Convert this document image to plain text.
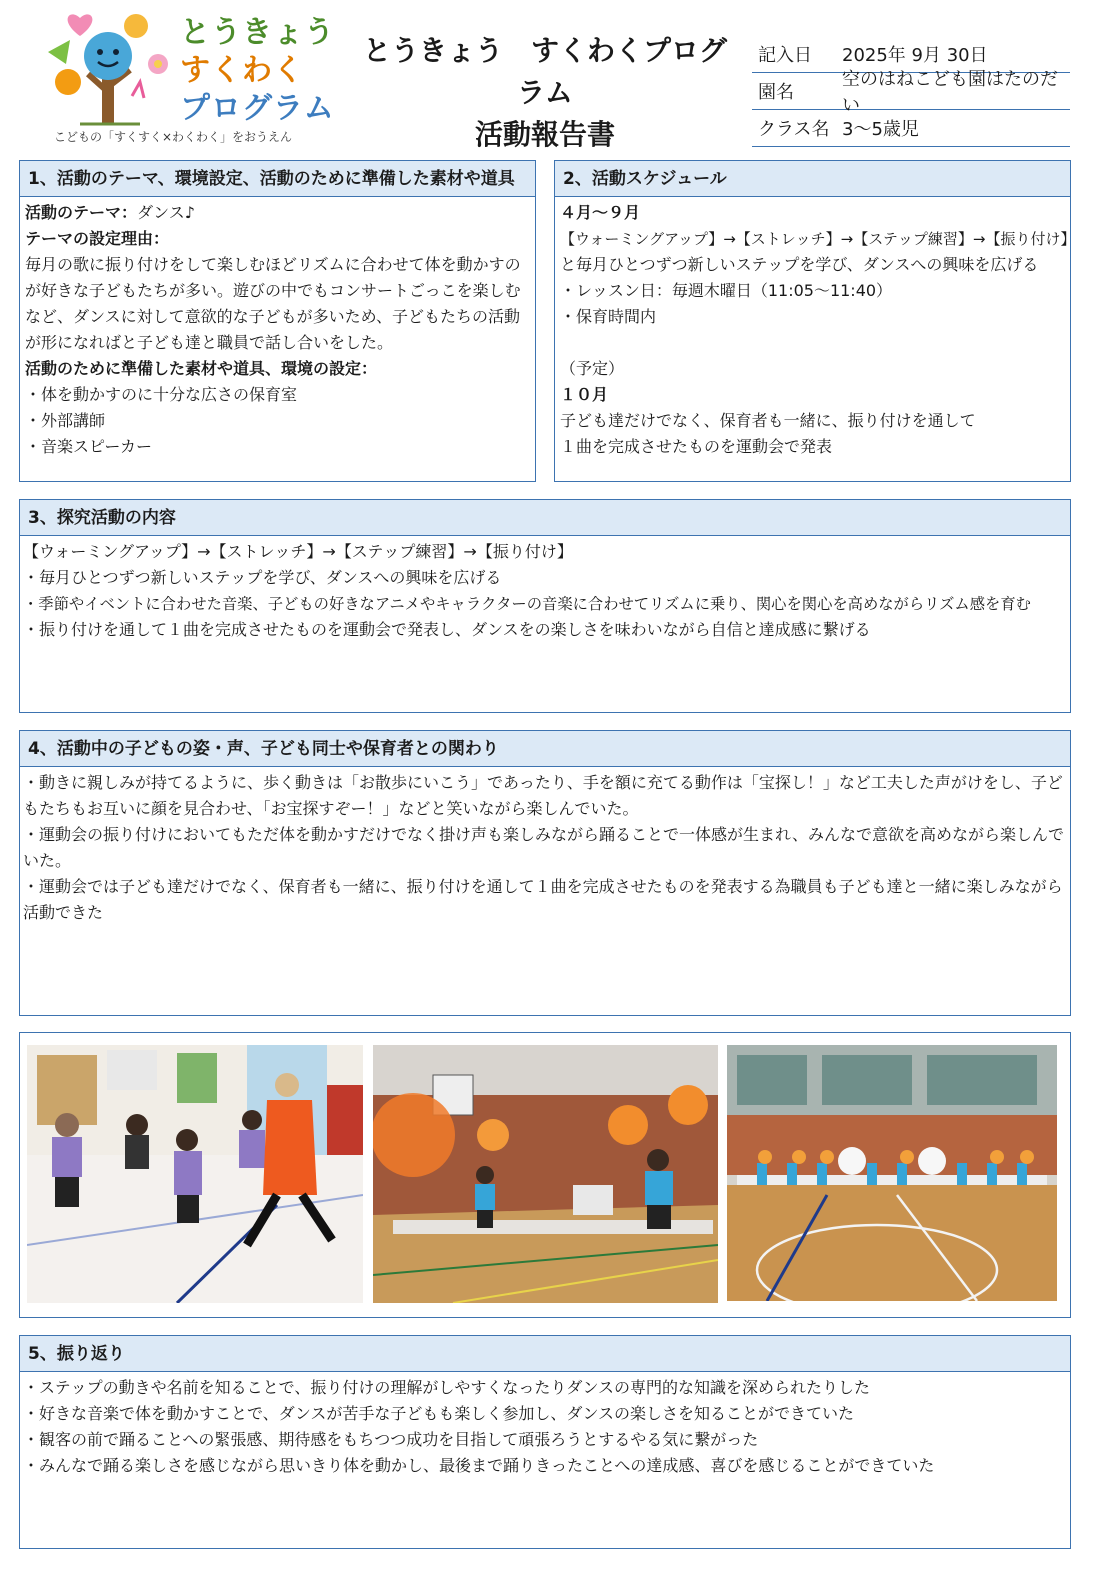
とうきょう
すくわく
プログラム
こどもの「すくすく×わくわく」をおうえん
とうきょう　すくわくプログラム
活動報告書
記入日	2025年 9月 30日
園名
空のはねこども園はたのだい
クラス名 3～5歳児
1、活動のテーマ、環境設定、活動のために準備した素材や道具

活動のテーマ：ダンス♪

テーマの設定理由：

毎月の歌に振り付けをして楽しむほどリズムに合わせて体を動かすのが好きな子どもたちが多い。遊びの中でもコンサートごっこを楽しむなど、ダンスに対して意欲的な子どもが多いため、子どもたちの活動が形になればと子ども達と職員で話し合いをした。

活動のために準備した素材や道具、環境の設定：

・体を動かすのに十分な広さの保育室

・外部講師

・音楽スピーカー

2、活動スケジュール

４月～９月

【ウォーミングアップ】→【ストレッチ】→【ステップ練習】→【振り付け】

と毎月ひとつずつ新しいステップを学び、ダンスへの興味を広げる

・レッスン日：毎週木曜日（11:05～11:40）

・保育時間内

（予定）

１０月

子ども達だけでなく、保育者も一緒に、振り付けを通して

１曲を完成させたものを運動会で発表

3、探究活動の内容

【ウォーミングアップ】→【ストレッチ】→【ステップ練習】→【振り付け】

・毎月ひとつずつ新しいステップを学び、ダンスへの興味を広げる

・季節やイベントに合わせた音楽、子どもの好きなアニメやキャラクターの音楽に合わせてリズムに乗り、関心を関心を高めながらリズム感を育む

・振り付けを通して１曲を完成させたものを運動会で発表し、ダンスをの楽しさを味わいながら自信と達成感に繋げる

4、活動中の子どもの姿・声、子ども同士や保育者との関わり

・動きに親しみが持てるように、歩く動きは「お散歩にいこう」であったり、手を額に充てる動作は「宝探し！」など工夫した声がけをし、子どもたちもお互いに顔を見合わせ、「お宝探すぞー！」などと笑いながら楽しんでいた。

・運動会の振り付けにおいてもただ体を動かすだけでなく掛け声も楽しみながら踊ることで一体感が生まれ、みんなで意欲を高めながら楽しんでいた。

・運動会では子ども達だけでなく、保育者も一緒に、振り付けを通して１曲を完成させたものを発表する為職員も子ども達と一緒に楽しみながら活動できた

5、振り返り

・ステップの動きや名前を知ることで、振り付けの理解がしやすくなったりダンスの専門的な知識を深められたりした

・好きな音楽で体を動かすことで、ダンスが苦手な子どもも楽しく参加し、ダンスの楽しさを知ることができていた

・観客の前で踊ることへの緊張感、期待感をもちつつ成功を目指して頑張ろうとするやる気に繋がった

・みんなで踊る楽しさを感じながら思いきり体を動かし、最後まで踊りきったことへの達成感、喜びを感じることができていた
